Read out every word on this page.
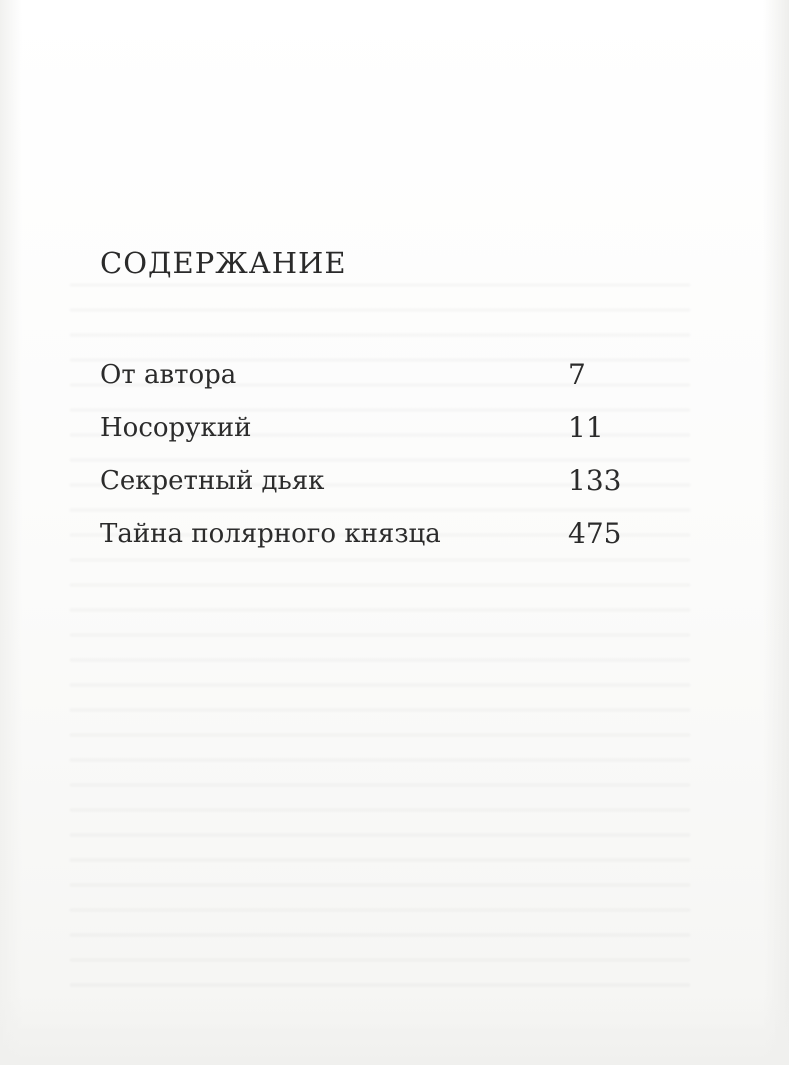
СОДЕРЖАНИЕ
От автора	7
Носорукий	11
Секретный дьяк	133
Тайна полярного князца	475
